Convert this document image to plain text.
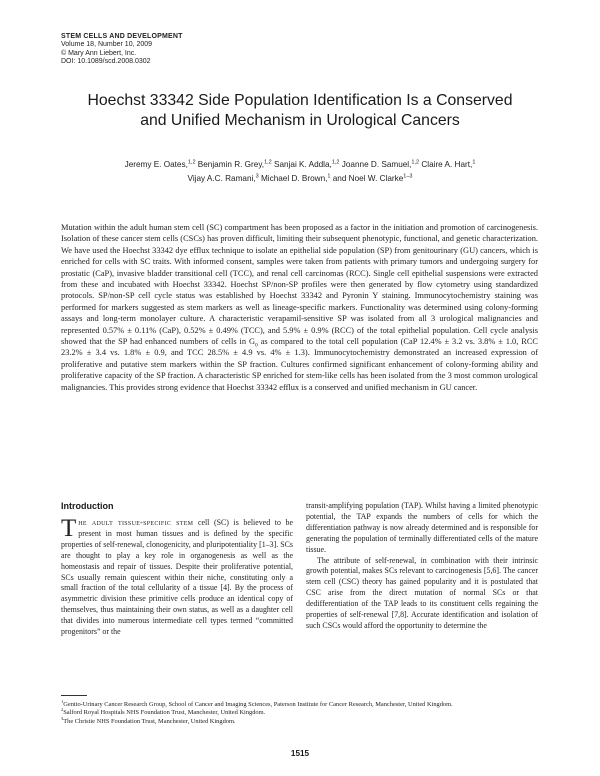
STEM CELLS AND DEVELOPMENT
Volume 18, Number 10, 2009
© Mary Ann Liebert, Inc.
DOI: 10.1089/scd.2008.0302
Hoechst 33342 Side Population Identification Is a Conserved
and Unified Mechanism in Urological Cancers
Jeremy E. Oates,$^{1,2}$ Benjamin R. Grey,$^{1,2}$ Sanjai K. Addla,$^{1,2}$ Joanne D. Samuel,$^{1,2}$ Claire A. Hart,$^1$
Vijay A.C. Ramani,$^3$ Michael D. Brown,$^1$ and Noel W. Clarke$^{1-3}$

Mutation within the adult human stem cell (SC) compartment has been proposed as a factor in the initiation and promotion of carcinogenesis. Isolation of these cancer stem cells (CSCs) has proven difficult, limiting their subsequent phenotypic, functional, and genetic characterization. We have used the Hoechst 33342 dye efflux technique to isolate an epithelial side population (SP) from genitourinary (GU) cancers, which is enriched for cells with SC traits. With informed consent, samples were taken from patients with primary tumors and undergoing surgery for prostatic (CaP), invasive bladder transitional cell (TCC), and renal cell carcinomas (RCC). Single cell epithelial suspensions were extracted from these and incubated with Hoechst 33342. Hoechst SP/non-SP profiles were then generated by flow cytometry using standardized protocols. SP/non-SP cell cycle status was established by Hoechst 33342 and Pyronin Y staining. Immunocytochemistry staining was performed for markers suggested as stem markers as well as lineage-specific markers. Functionality was determined using colony-forming assays and long-term monolayer culture. A characteristic verapamil-sensitive SP was isolated from all 3 urological malignancies and represented 0.57% ± 0.11% (CaP), 0.52% ± 0.49% (TCC), and 5.9% ± 0.9% (RCC) of the total epithelial population. Cell cycle analysis showed that the SP had enhanced numbers of cells in $G_0$ as compared to the total cell population (CaP 12.4% ± 3.2 vs. 3.8% ± 1.0, RCC 23.2% ± 3.4 vs. 1.8% ± 0.9, and TCC 28.5% ± 4.9 vs. 4% ± 1.3). Immunocytochemistry demonstrated an increased expression of proliferative and putative stem markers within the SP fraction. Cultures confirmed significant enhancement of colony-forming ability and proliferative capacity of the SP fraction. A characteristic SP enriched for stem-like cells has been isolated from the 3 most common urological malignancies. This provides strong evidence that Hoechst 33342 efflux is a conserved and unified mechanism in GU cancer.

Introduction

The adult tissue-specific stem cell (SC) is believed to be present in most human tissues and is defined by the specific properties of self-renewal, clonogenicity, and pluripotentiality [1–3]. SCs are thought to play a key role in organogenesis as well as the homeostasis and repair of tissues. Despite their proliferative potential, SCs usually remain quiescent within their niche, constituting only a small fraction of the total cellularity of a tissue [4]. By the process of asymmetric division these primitive cells produce an identical copy of themselves, thus maintaining their own status, as well as a daughter cell that divides into numerous intermediate cell types termed “committed progenitors” or the

transit-amplifying population (TAP). Whilst having a limited phenotypic potential, the TAP expands the numbers of cells for which the differentiation pathway is now already determined and is responsible for generating the population of terminally differentiated cells of the mature tissue.

The attribute of self-renewal, in combination with their intrinsic growth potential, makes SCs relevant to carcinogenesis [5,6]. The cancer stem cell (CSC) theory has gained popularity and it is postulated that CSC arise from the direct mutation of normal SCs or that dedifferentiation of the TAP leads to its constituent cells regaining the properties of self-renewal [7,8]. Accurate identification and isolation of such CSCs would afford the opportunity to determine the

$^1$Genito-Urinary Cancer Research Group, School of Cancer and Imaging Sciences, Paterson Institute for Cancer Research, Manchester, United Kingdom.

$^2$Salford Royal Hospitals NHS Foundation Trust, Manchester, United Kingdom.

$^3$The Christie NHS Foundation Trust, Manchester, United Kingdom.

1515
